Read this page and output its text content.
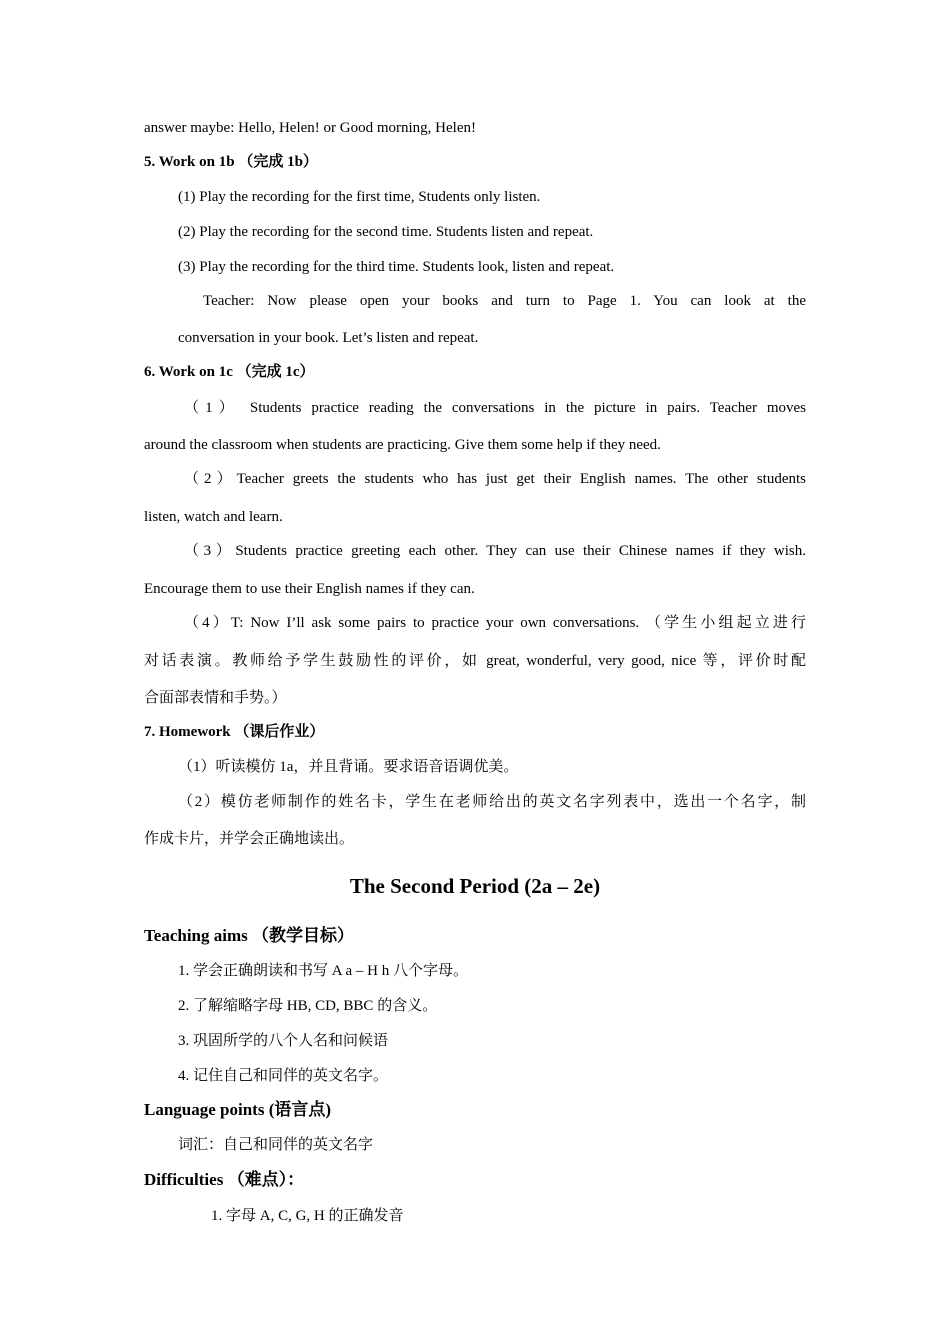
answer maybe: Hello, Helen! or Good morning, Helen!
5. Work on 1b （完成 1b）
(1) Play the recording for the first time, Students only listen.
(2) Play the recording for the second time. Students listen and repeat.
(3) Play the recording for the third time. Students look, listen and repeat.
Teacher: Now please open your books and turn to Page 1. You can look at the
conversation in your book. Let’s listen and repeat.
6. Work on 1c （完成 1c）
（1） Students practice reading the conversations in the picture in pairs. Teacher moves
around the classroom when students are practicing. Give them some help if they need.
（2）Teacher greets the students who has just get their English names. The other students
listen, watch and learn.
（3）Students practice greeting each other. They can use their Chinese names if they wish.
Encourage them to use their English names if they can.
（4）T: Now I’ll ask some pairs to practice your own conversations. （学生小组起立进行
对话表演。教师给予学生鼓励性的评价，如 great, wonderful, very good, nice 等，评价时配
合面部表情和手势。）
7. Homework （课后作业）
（1）听读模仿 1a，并且背诵。要求语音语调优美。
（2）模仿老师制作的姓名卡，学生在老师给出的英文名字列表中，选出一个名字，制
作成卡片，并学会正确地读出。
The Second Period (2a – 2e)
Teaching aims （教学目标）
1. 学会正确朗读和书写 A a – H h 八个字母。
2. 了解缩略字母 HB, CD, BBC 的含义。
3. 巩固所学的八个人名和问候语
4. 记住自己和同伴的英文名字。
Language points (语言点)
词汇：自己和同伴的英文名字
Difficulties （难点）：
1. 字母 A, C, G, H 的正确发音
